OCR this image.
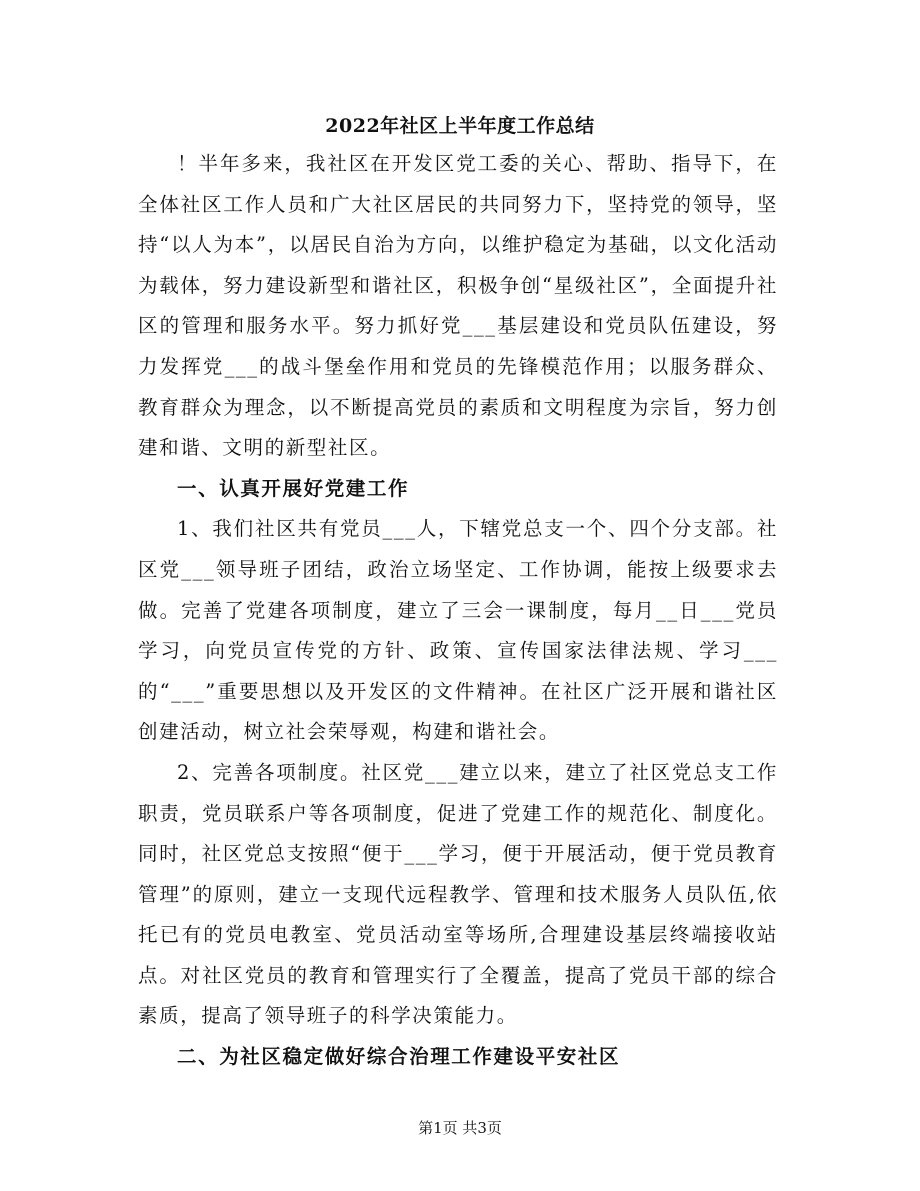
2022年社区上半年度工作总结

！半年多来，我社区在开发区党工委的关心、帮助、指导下，在全体社区工作人员和广大社区居民的共同努力下，坚持党的领导，坚持“以人为本”，以居民自治为方向，以维护稳定为基础，以文化活动为载体，努力建设新型和谐社区，积极争创“星级社区”，全面提升社区的管理和服务水平。努力抓好党___基层建设和党员队伍建设，努力发挥党___的战斗堡垒作用和党员的先锋模范作用；以服务群众、教育群众为理念，以不断提高党员的素质和文明程度为宗旨，努力创建和谐、文明的新型社区。

一、认真开展好党建工作

1、我们社区共有党员___人，下辖党总支一个、四个分支部。社区党___领导班子团结，政治立场坚定、工作协调，能按上级要求去做。完善了党建各项制度，建立了三会一课制度，每月__日___党员学习，向党员宣传党的方针、政策、宣传国家法律法规、学习___的“___”重要思想以及开发区的文件精神。在社区广泛开展和谐社区创建活动，树立社会荣辱观，构建和谐社会。

2、完善各项制度。社区党___建立以来，建立了社区党总支工作职责，党员联系户等各项制度，促进了党建工作的规范化、制度化。同时，社区党总支按照“便于___学习，便于开展活动，便于党员教育管理”的原则，建立一支现代远程教学、管理和技术服务人员队伍,依托已有的党员电教室、党员活动室等场所,合理建设基层终端接收站点。对社区党员的教育和管理实行了全覆盖，提高了党员干部的综合素质，提高了领导班子的科学决策能力。

二、为社区稳定做好综合治理工作建设平安社区

第1页 共3页
